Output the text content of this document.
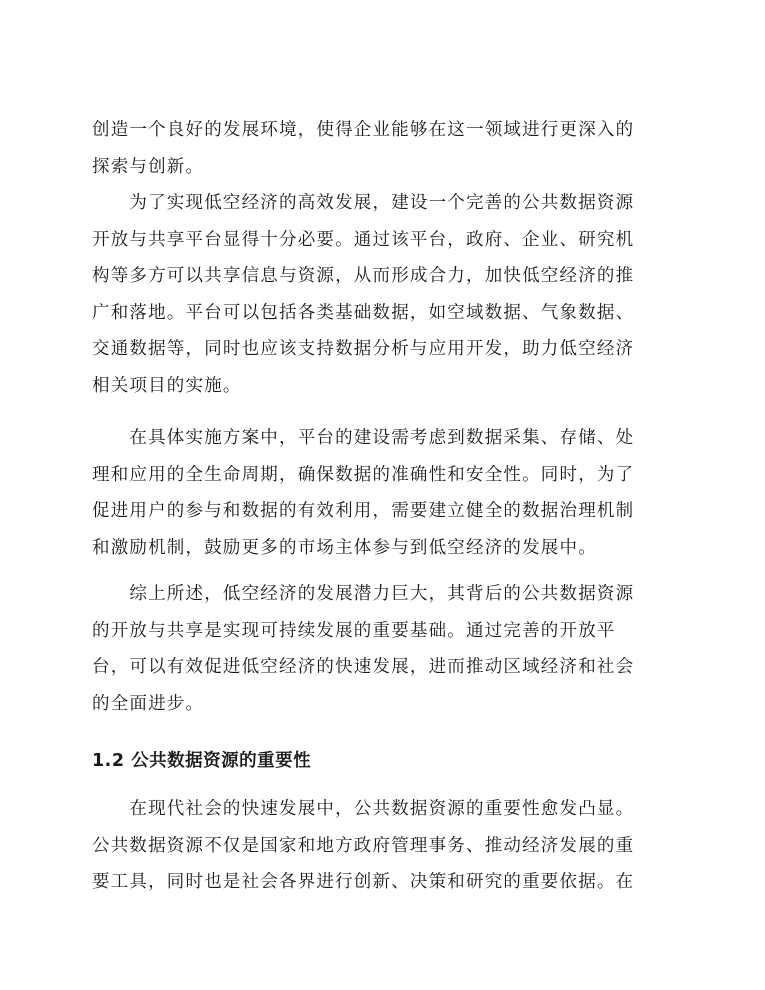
创造一个良好的发展环境，使得企业能够在这一领域进行更深入的
探索与创新。
　　为了实现低空经济的高效发展，建设一个完善的公共数据资源
开放与共享平台显得十分必要。通过该平台，政府、企业、研究机
构等多方可以共享信息与资源，从而形成合力，加快低空经济的推
广和落地。平台可以包括各类基础数据，如空域数据、气象数据、
交通数据等，同时也应该支持数据分析与应用开发，助力低空经济
相关项目的实施。
　　在具体实施方案中，平台的建设需考虑到数据采集、存储、处
理和应用的全生命周期，确保数据的准确性和安全性。同时，为了
促进用户的参与和数据的有效利用，需要建立健全的数据治理机制
和激励机制，鼓励更多的市场主体参与到低空经济的发展中。
　　综上所述，低空经济的发展潜力巨大，其背后的公共数据资源
的开放与共享是实现可持续发展的重要基础。通过完善的开放平
台，可以有效促进低空经济的快速发展，进而推动区域经济和社会
的全面进步。
1.2 公共数据资源的重要性
　　在现代社会的快速发展中，公共数据资源的重要性愈发凸显。
公共数据资源不仅是国家和地方政府管理事务、推动经济发展的重
要工具，同时也是社会各界进行创新、决策和研究的重要依据。在
